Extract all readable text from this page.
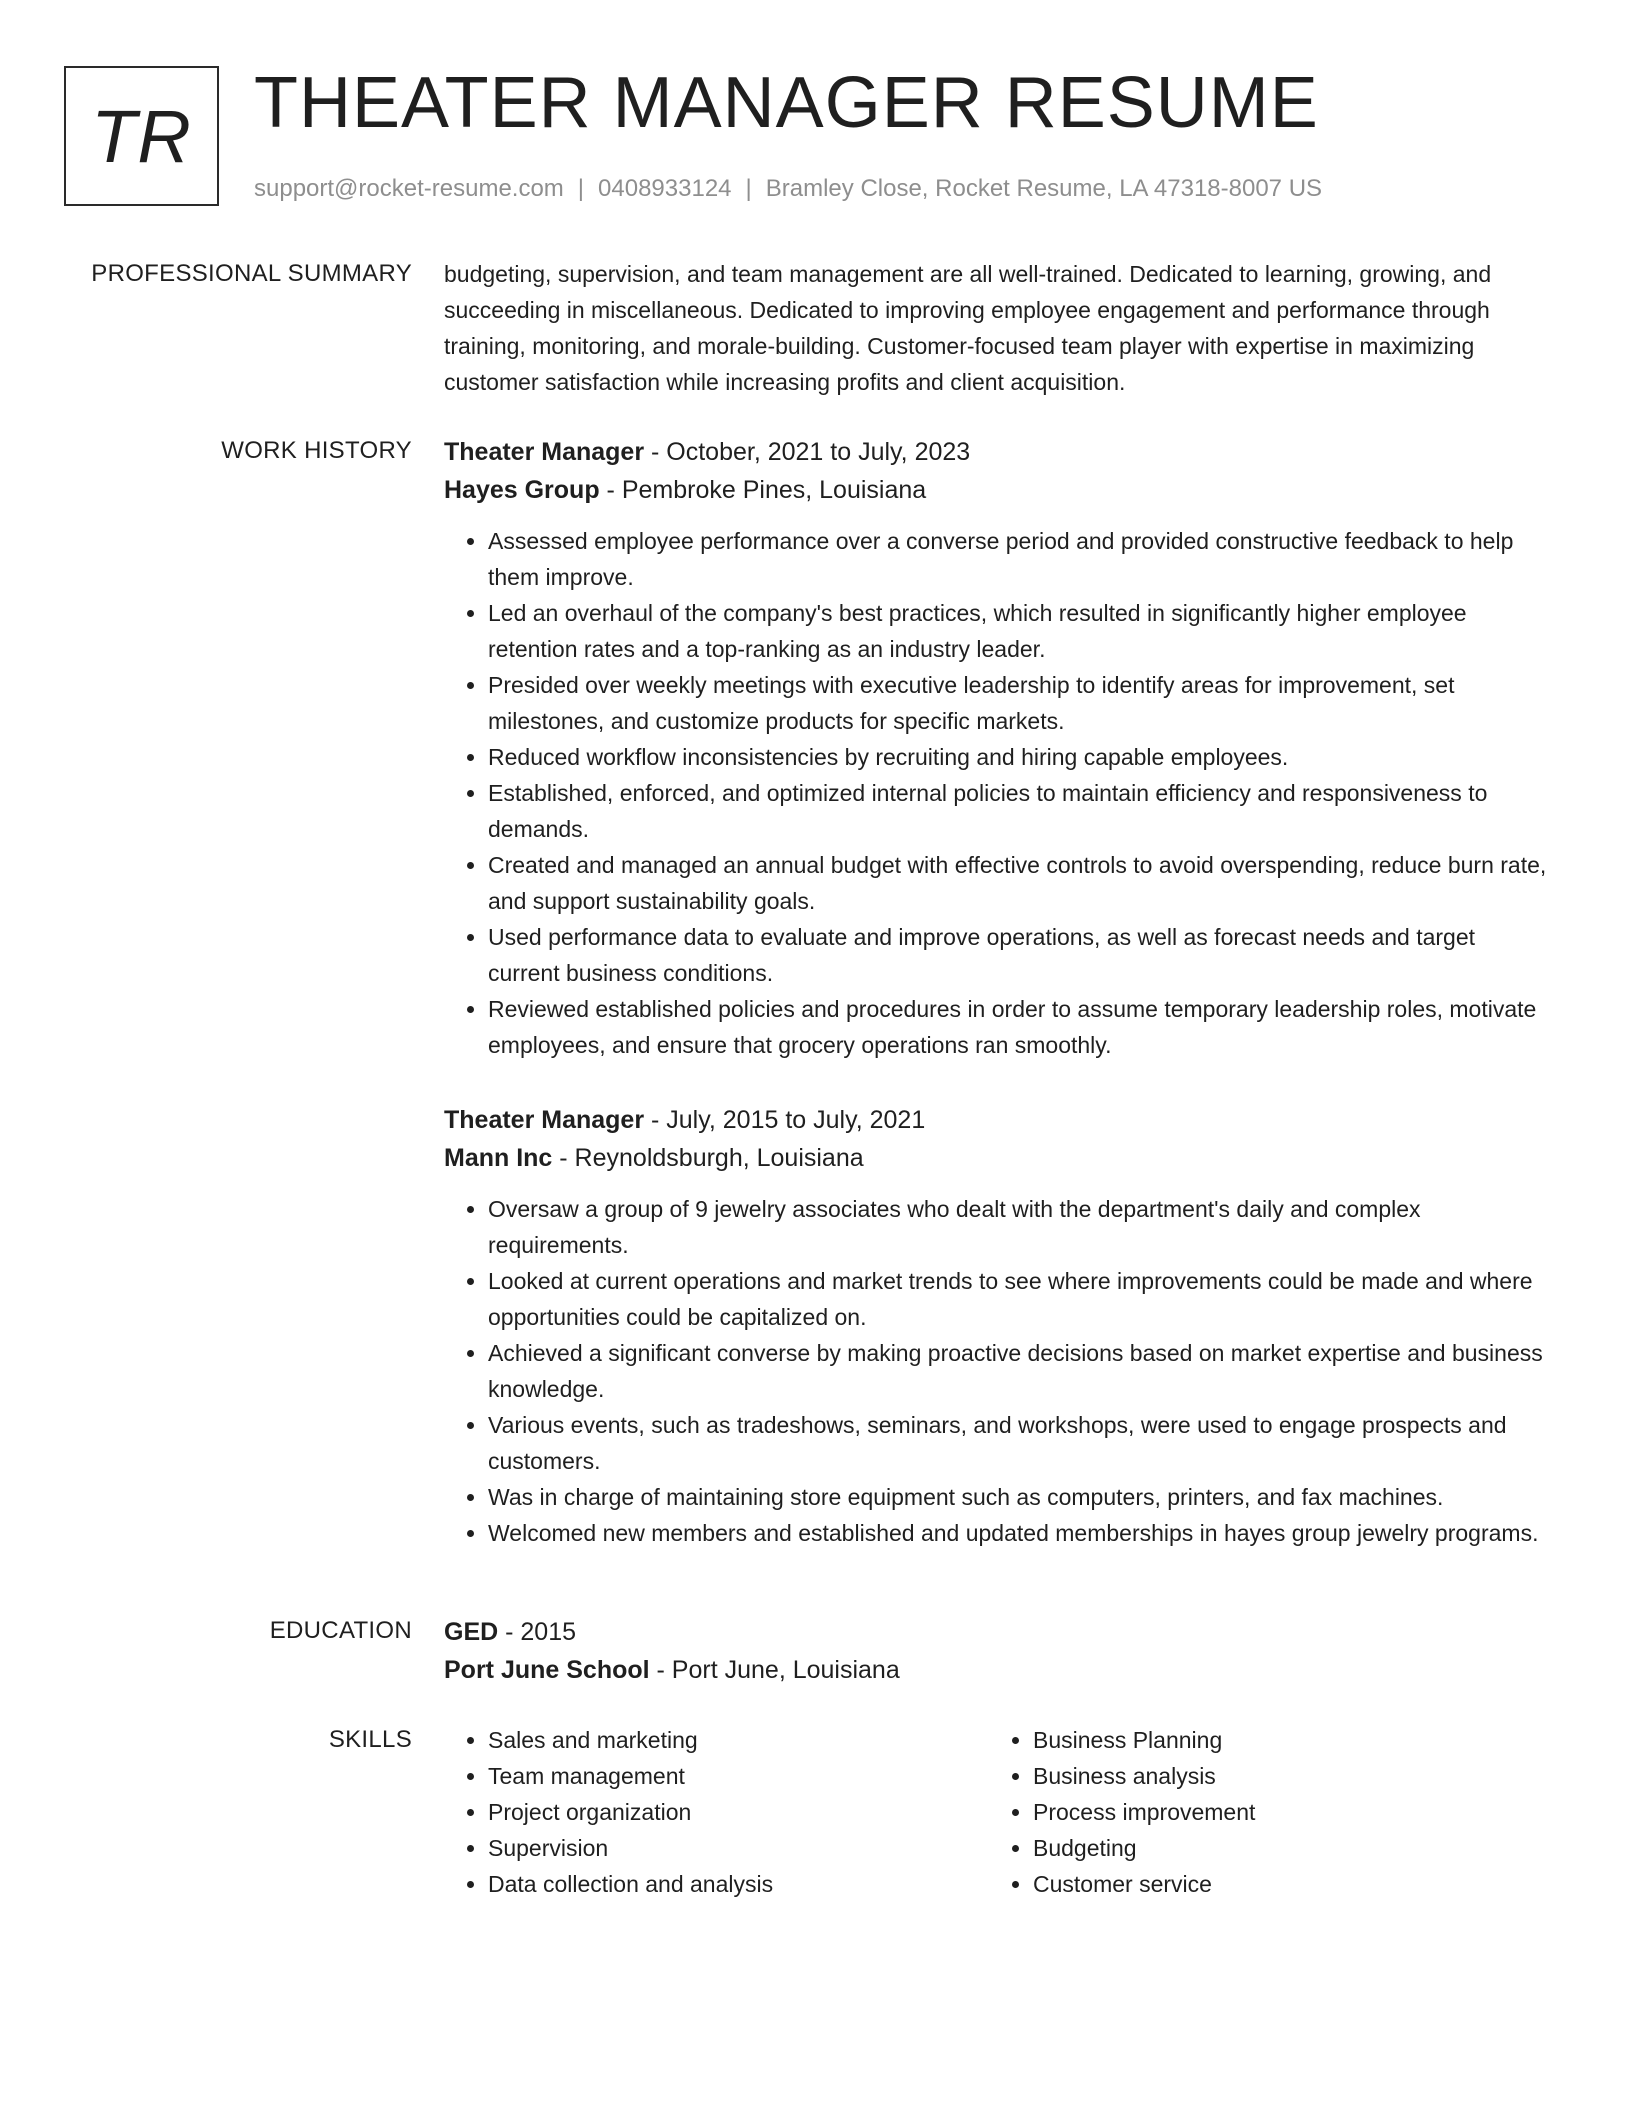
TR THEATER MANAGER RESUME
support@rocket-resume.com | 0408933124 | Bramley Close, Rocket Resume, LA 47318-8007 US
PROFESSIONAL SUMMARY budgeting, supervision, and team management are all well-trained. Dedicated to learning, growing, and succeeding in miscellaneous. Dedicated to improving employee engagement and performance through training, monitoring, and morale-building. Customer-focused team player with expertise in maximizing customer satisfaction while increasing profits and client acquisition.

WORK HISTORY Theater Manager - October, 2021 to July, 2023
Hayes Group - Pembroke Pines, Louisiana
• Assessed employee performance over a converse period and provided constructive feedback to help them improve.
• Led an overhaul of the company's best practices, which resulted in significantly higher employee retention rates and a top-ranking as an industry leader.
• Presided over weekly meetings with executive leadership to identify areas for improvement, set milestones, and customize products for specific markets.
• Reduced workflow inconsistencies by recruiting and hiring capable employees.
• Established, enforced, and optimized internal policies to maintain efficiency and responsiveness to demands.
• Created and managed an annual budget with effective controls to avoid overspending, reduce burn rate, and support sustainability goals.
• Used performance data to evaluate and improve operations, as well as forecast needs and target current business conditions.
• Reviewed established policies and procedures in order to assume temporary leadership roles, motivate employees, and ensure that grocery operations ran smoothly.
Theater Manager - July, 2015 to July, 2021
Mann Inc - Reynoldsburgh, Louisiana
• Oversaw a group of 9 jewelry associates who dealt with the department's daily and complex requirements.
• Looked at current operations and market trends to see where improvements could be made and where opportunities could be capitalized on.
• Achieved a significant converse by making proactive decisions based on market expertise and business knowledge.
• Various events, such as tradeshows, seminars, and workshops, were used to engage prospects and customers.
• Was in charge of maintaining store equipment such as computers, printers, and fax machines.
• Welcomed new members and established and updated memberships in hayes group jewelry programs.
EDUCATION GED - 2015
Port June School - Port June, Louisiana
SKILLS
•	Sales and marketing
• Team management
• Project organization
• Supervision
• Data collection and analysis
• Business Planning
• Business analysis
• Process improvement
• Budgeting
• Customer service
